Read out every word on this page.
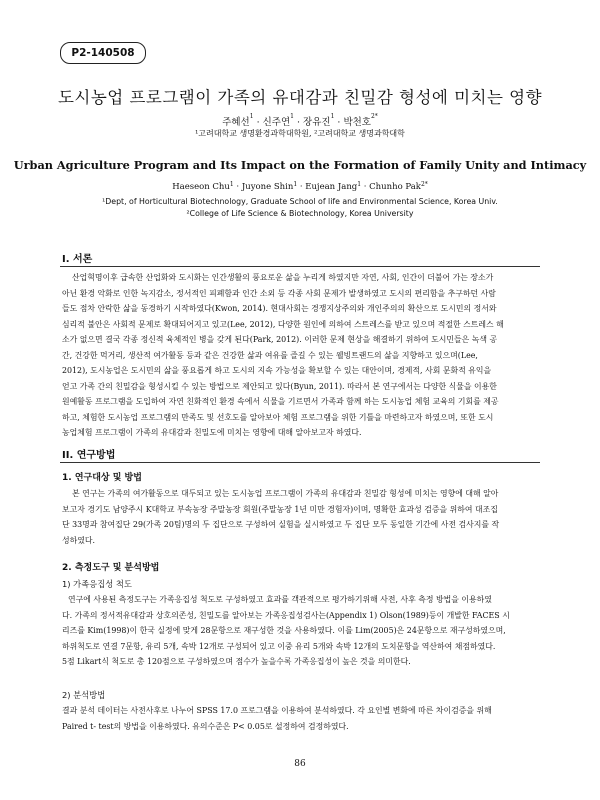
P2-140508
도시농업 프로그램이 가족의 유대감과 친밀감 형성에 미치는 영향
주혜선$^1$ · 신주연$^1$ · 장유진$^1$ · 박천호$^{2*}$
¹고려대학교 생명환경과학대학원, ²고려대학교 생명과학대학
Urban Agriculture Program and Its Impact on the Formation of Family Unity and Intimacy
Haeseon Chu$^1$ · Juyone Shin$^1$ · Eujean Jang$^1$ · Chunho Pak$^{2*}$
¹Dept, of Horticultural Biotechnology, Graduate School of life and Environmental Science, Korea Univ.
²College of Life Science & Biotechnology, Korea University
I. 서론
산업혁명이후 급속한 산업화와 도시화는 인간생활의 풍요로운 삶을 누리게 하였지만 자연, 사회, 인간이 더불어 가는 장소가
아닌 환경 악화로 인한 녹지감소, 정서적인 피폐함과 인간 소외 등 각종 사회 문제가 발생하였고 도시의 편리함을 추구하던 사람
들도 점차 안락한 삶을 동경하기 시작하였다(Kwon, 2014). 현대사회는 경쟁지상주의와 개인주의의 확산으로 도시민의 정서와
심리적 불안은 사회적 문제로 확대되어지고 있고(Lee, 2012), 다양한 원인에 의하여 스트레스를 받고 있으며 적절한 스트레스 해
소가 없으면 결국 각종 정신적 육체적인 병을 갖게 된다(Park, 2012). 이러한 문제 현상을 해결하기 위하여 도시민들은 녹색 공
간, 건강한 먹거리, 생산적 여가활동 등과 같은 건강한 삶과 여유를 즐길 수 있는 웰빙트랜드의 삶을 지향하고 있으며(Lee,
2012), 도시농업은 도시민의 삶을 풍요롭게 하고 도시의 지속 가능성을 확보할 수 있는 대안이며, 경제적, 사회 문화적 유익을
얻고 가족 간의 친밀감을 형성시킬 수 있는 방법으로 제안되고 있다(Byun, 2011). 따라서 본 연구에서는 다양한 식물을 이용한
원예활동 프로그램을 도입하여 자연 친화적인 환경 속에서 식물을 기르면서 가족과 함께 하는 도시농업 체험 교육의 기회를 제공
하고, 체험한 도시농업 프로그램의 만족도 및 선호도를 알아보아 체험 프로그램을 위한 기틀을 마련하고자 하였으며, 또한 도시
농업체험 프로그램이 가족의 유대감과 친밀도에 미치는 영향에 대해 알아보고자 하였다.
II. 연구방법
1. 연구대상 및 방법
본 연구는 가족의 여가활동으로 대두되고 있는 도시농업 프로그램이 가족의 유대감과 친밀감 형성에 미치는 영향에 대해 알아
보고자 경기도 남양주시 K대학교 부속농장 주말농장 회원(주말농장 1년 미만 경험자)이며, 명확한 효과성 검증을 위하여 대조집
단 33명과 참여집단 29(가족 20팀)명의 두 집단으로 구성하여 실험을 실시하였고 두 집단 모두 동일한 기간에 사전 검사지를 작
성하였다.
2. 측정도구 및 분석방법
1) 가족응집성 척도
연구에 사용된 측정도구는 가족응집성 척도로 구성하였고 효과를 객관적으로 평가하기위해 사전, 사후 측정 방법을 이용하였
다. 가족의 정서적유대감과 상호의존성, 친밀도를 알아보는 가족응집성검사는(Appendix 1) Olson(1989)등이 개발한 FACES 시
리즈를 Kim(1998)이 한국 실정에 맞게 28문항으로 재구성한 것을 사용하였다. 이를 Lim(2005)은 24문항으로 재구성하였으며,
하위척도로 연결 7문항, 유리 5개, 속박 12개로 구성되어 있고 이중 유리 5개와 속박 12개의 도치문항을 역산하여 채점하였다.
5점 Likart식 척도로 총 120점으로 구성하였으며 점수가 높을수록 가족응집성이 높은 것을 의미한다.
2) 분석방법
결과 분석 데이터는 사전사후로 나누어 SPSS 17.0 프로그램을 이용하여 분석하였다. 각 요인별 변화에 따른 차이검증을 위해
Paired t- test의 방법을 이용하였다. 유의수준은 P< 0.05로 설정하여 검정하였다.
86
